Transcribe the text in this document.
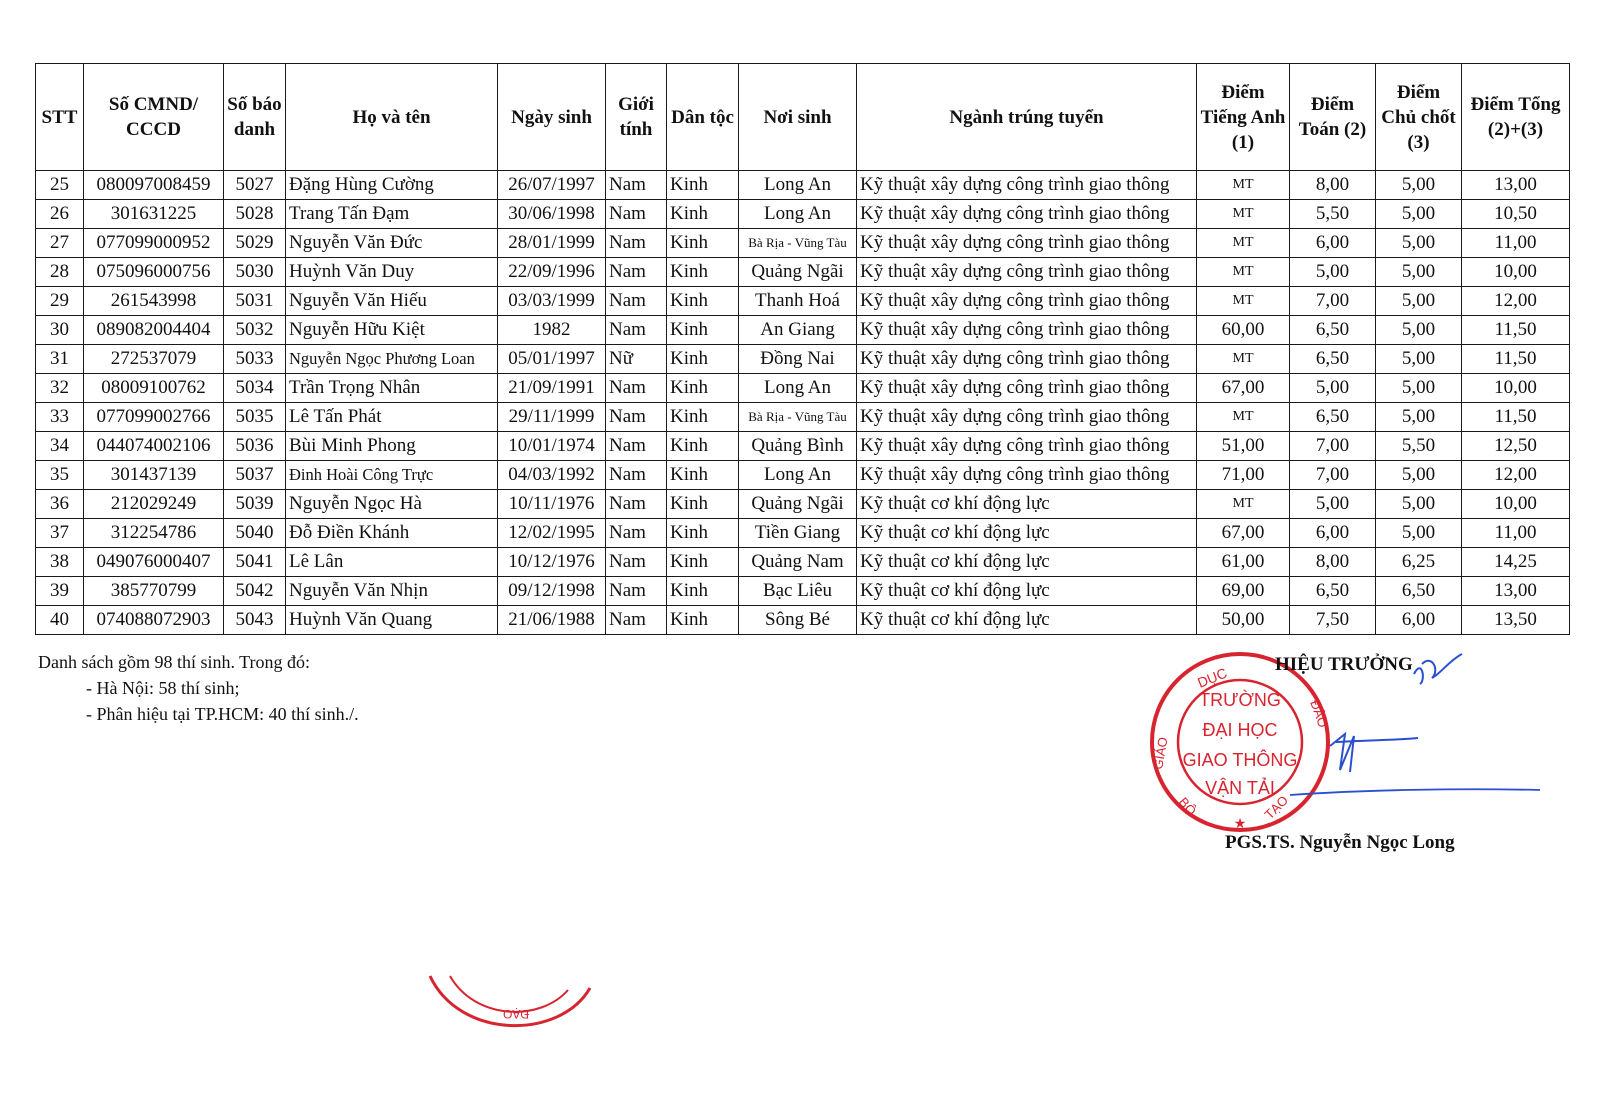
STT	Số CMND/ CCCD	Số báo danh	Họ và tên	Ngày sinh	Giới tính	Dân tộc	Nơi sinh	Ngành trúng tuyển	Điểm Tiếng Anh (1)	Điểm Toán (2)	Điểm Chủ chốt (3)	Điểm Tổng (2)+(3)
25	080097008459	5027	Đặng Hùng Cường	26/07/1997	Nam	Kinh	Long An	Kỹ thuật xây dựng công trình giao thông	MT	8,00	5,00	13,00
26	301631225	5028	Trang Tấn Đạm	30/06/1998	Nam	Kinh	Long An	Kỹ thuật xây dựng công trình giao thông	MT	5,50	5,00	10,50
27	077099000952	5029	Nguyễn Văn Đức	28/01/1999	Nam	Kinh	Bà Rịa - Vũng Tàu	Kỹ thuật xây dựng công trình giao thông	MT	6,00	5,00	11,00
28	075096000756	5030	Huỳnh Văn Duy	22/09/1996	Nam	Kinh	Quảng Ngãi	Kỹ thuật xây dựng công trình giao thông	MT	5,00	5,00	10,00
29	261543998	5031	Nguyễn Văn Hiếu	03/03/1999	Nam	Kinh	Thanh Hoá	Kỹ thuật xây dựng công trình giao thông	MT	7,00	5,00	12,00
30	089082004404	5032	Nguyễn Hữu Kiệt	1982	Nam	Kinh	An Giang	Kỹ thuật xây dựng công trình giao thông	60,00	6,50	5,00	11,50
31	272537079	5033	Nguyễn Ngọc Phương Loan	05/01/1997	Nữ	Kinh	Đồng Nai	Kỹ thuật xây dựng công trình giao thông	MT	6,50	5,00	11,50
32	08009100762	5034	Trần Trọng Nhân	21/09/1991	Nam	Kinh	Long An	Kỹ thuật xây dựng công trình giao thông	67,00	5,00	5,00	10,00
33	077099002766	5035	Lê Tấn Phát	29/11/1999	Nam	Kinh	Bà Rịa - Vũng Tàu	Kỹ thuật xây dựng công trình giao thông	MT	6,50	5,00	11,50
34	044074002106	5036	Bùi Minh Phong	10/01/1974	Nam	Kinh	Quảng Bình	Kỹ thuật xây dựng công trình giao thông	51,00	7,00	5,50	12,50
35	301437139	5037	Đinh Hoài Công Trực	04/03/1992	Nam	Kinh	Long An	Kỹ thuật xây dựng công trình giao thông	71,00	7,00	5,00	12,00
36	212029249	5039	Nguyễn Ngọc Hà	10/11/1976	Nam	Kinh	Quảng Ngãi	Kỹ thuật cơ khí động lực	MT	5,00	5,00	10,00
37	312254786	5040	Đỗ Điền Khánh	12/02/1995	Nam	Kinh	Tiền Giang	Kỹ thuật cơ khí động lực	67,00	6,00	5,00	11,00
38	049076000407	5041	Lê Lân	10/12/1976	Nam	Kinh	Quảng Nam	Kỹ thuật cơ khí động lực	61,00	8,00	6,25	14,25
39	385770799	5042	Nguyễn Văn Nhịn	09/12/1998	Nam	Kinh	Bạc Liêu	Kỹ thuật cơ khí động lực	69,00	6,50	6,50	13,00
40	074088072903	5043	Huỳnh Văn Quang	21/06/1988	Nam	Kinh	Sông Bé	Kỹ thuật cơ khí động lực	50,00	7,50	6,00	13,50
Danh sách gồm 98 thí sinh. Trong đó:
- Hà Nội: 58 thí sinh;
- Phân hiệu tại TP.HCM: 40 thí sinh./.
DỤC
GIÁO
BỘ
ĐÀO
TẠO
TRƯỜNG
ĐẠI HỌC
GIAO THÔNG
VẬN TẢI
★
HIỆU TRƯỞNG
PGS.TS. Nguyễn Ngọc Long
ĐẠO
